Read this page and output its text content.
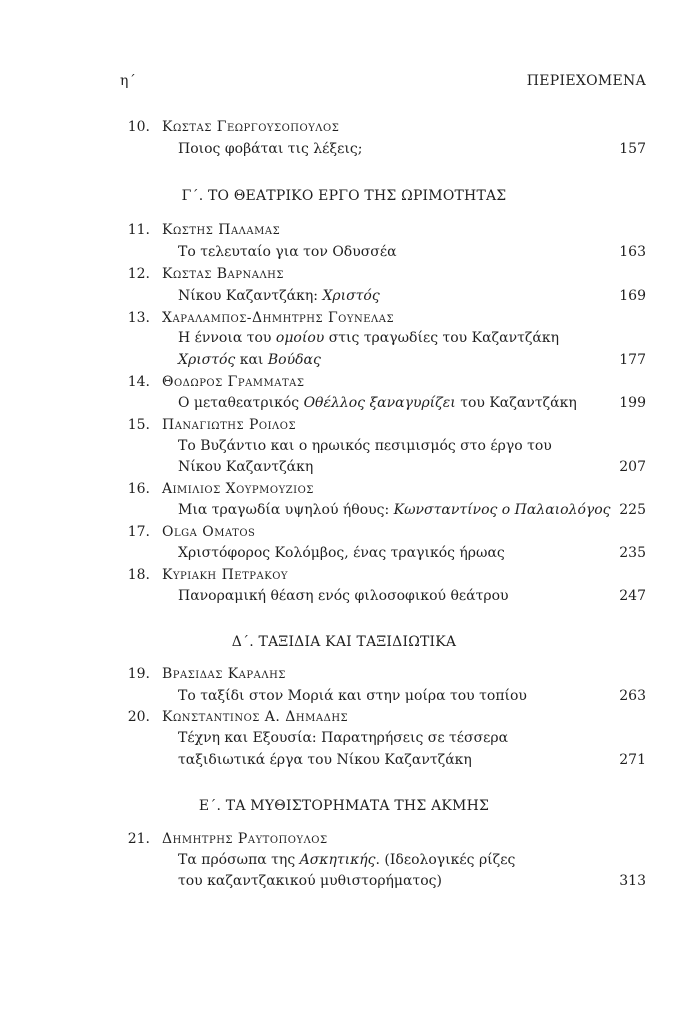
η΄	ΠΕΡΙΕΧΟΜΕΝΑ
10. Κωστας Γεωργουσοπουλος
Ποιος φοβάται τις λέξεις;	157
Γ΄. ΤΟ ΘΕΑΤΡΙΚΟ ΕΡΓΟ ΤΗΣ ΩΡΙΜΟΤΗΤΑΣ
11. Κωστης Παλαμας
Το τελευταίο για τον Οδυσσέα	163
12. Κωστας Βαρναλης
Νίκου Καζαντζάκη: Χριστός	169
13. Χαραλαμπος-Δημητρης Γουνελας
Η έννοια του ομοίου στις τραγωδίες του Καζαντζάκη
Χριστός και Βούδας	177
14. Θοδωρος Γραμματας
Ο μεταθεατρικός Οθέλλος ξαναγυρίζει του Καζαντζάκη	199
15. Παναγιωτης Ροιλος
Το Βυζάντιο και ο ηρωικός πεσιμισμός στο έργο του
Νίκου Καζαντζάκη	207
16. Αιμιλιος Χουρμουζιος
Μια τραγωδία υψηλού ήθους: Κωνσταντίνος ο Παλαιολόγος 225
17. Olga Omatos
Χριστόφορος Κολόμβος, ένας τραγικός ήρωας	235
18. Κυριακη Πετρακου
Πανοραμική θέαση ενός φιλοσοφικού θεάτρου	247
Δ΄. ΤΑΞΙΔΙΑ ΚΑΙ ΤΑΞΙΔΙΩΤΙΚΑ
19. Βρασιδας Καραλης
Το ταξίδι στον Μοριά και στην μοίρα του τοπίου	263
20. Κωνσταντινος Α. Δημαδης
Τέχνη και Εξουσία: Παρατηρήσεις σε τέσσερα
ταξιδιωτικά έργα του Νίκου Καζαντζάκη	271
Ε΄. ΤΑ ΜΥΘΙΣΤΟΡΗΜΑΤΑ ΤΗΣ ΑΚΜΗΣ
21. Δημητρης Ραυτοπουλος
Τα πρόσωπα της Ασκητικής. (Ιδεολογικές ρίζες
του καζαντζακικού μυθιστορήματος)	313
